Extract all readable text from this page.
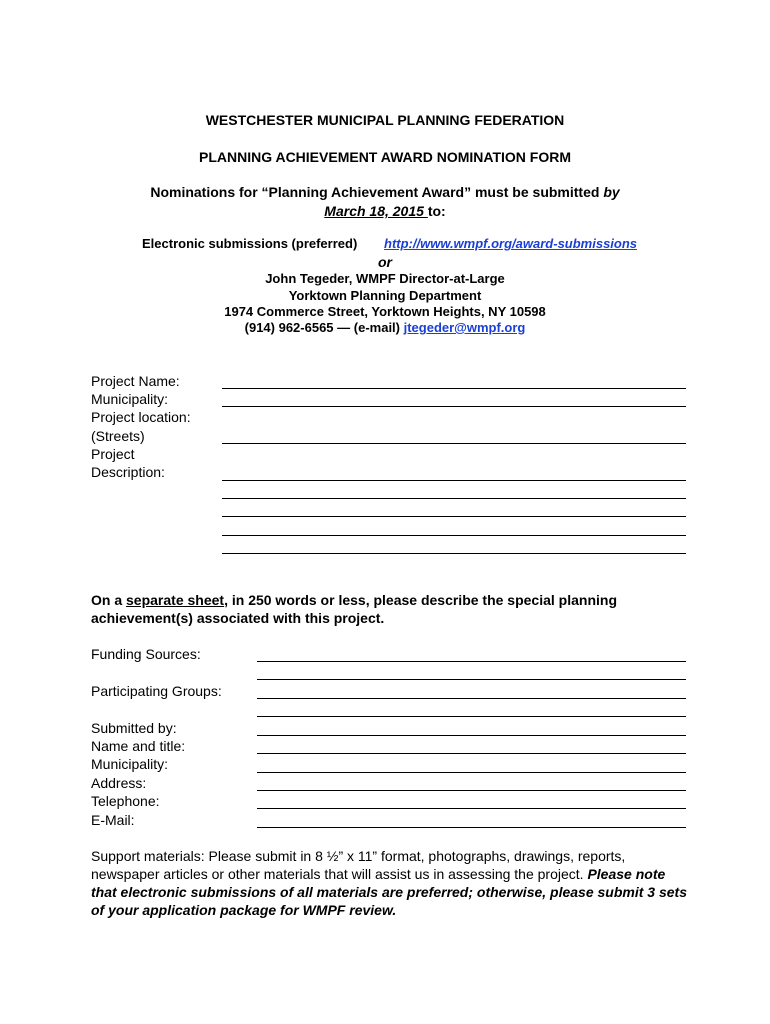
WESTCHESTER MUNICIPAL PLANNING FEDERATION
PLANNING ACHIEVEMENT AWARD NOMINATION FORM
Nominations for “Planning Achievement Award” must be submitted by
March 18, 2015 to:
Electronic submissions (preferred) http://www.wmpf.org/award-submissions
or
John Tegeder, WMPF Director-at-Large
Yorktown Planning Department
1974 Commerce Street, Yorktown Heights, NY 10598
(914) 962-6565 — (e-mail) jtegeder@wmpf.org
Project Name:
Municipality:
Project location:
(Streets)
Project
Description:
On a separate sheet, in 250 words or less, please describe the special planning
achievement(s) associated with this project.
Funding Sources:
Participating Groups:
Submitted by:
Name and title:
Municipality:
Address:
Telephone:
E-Mail:
Support materials: Please submit in 8 ½” x 11” format, photographs, drawings, reports, newspaper articles or other materials that will assist us in assessing the project. Please note that electronic submissions of all materials are preferred; otherwise, please submit 3 sets of your application package for WMPF review.
